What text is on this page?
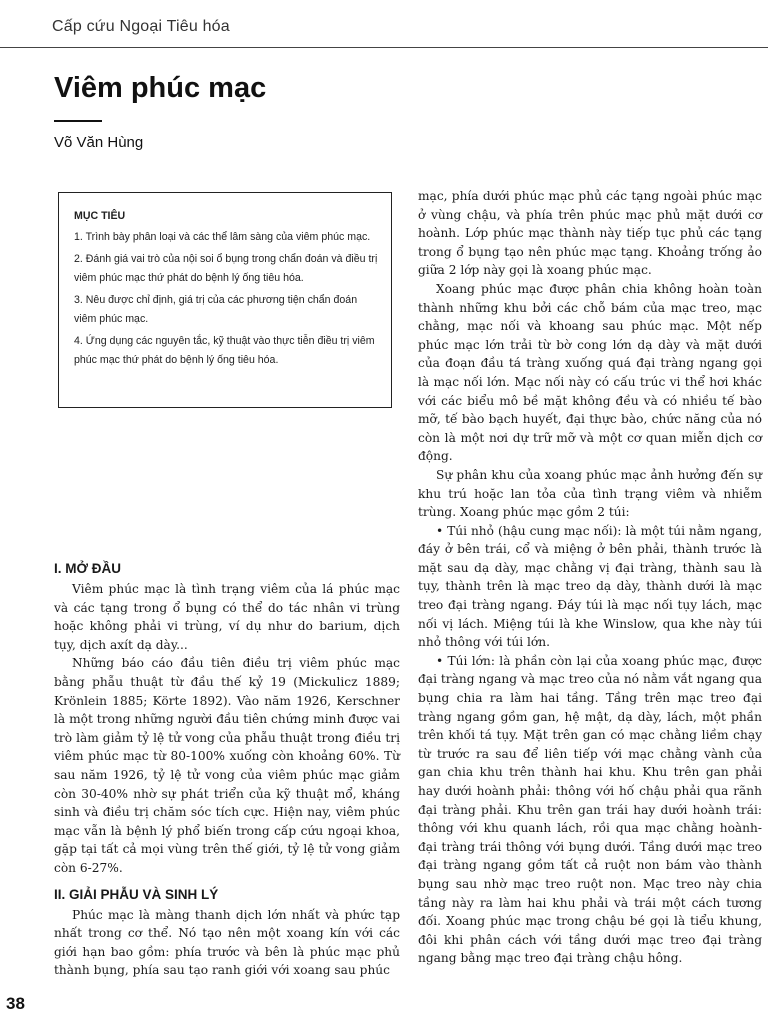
Cấp cứu Ngoại Tiêu hóa
Viêm phúc mạc
Võ Văn Hùng
MỤC TIÊU
1. Trình bày phân loại và các thể lâm sàng của viêm phúc mạc.
2. Đánh giá vai trò của nội soi ổ bụng trong chẩn đoán và điều trị viêm phúc mạc thứ phát do bệnh lý ống tiêu hóa.
3. Nêu được chỉ định, giá trị của các phương tiện chẩn đoán viêm phúc mạc.
4. Ứng dụng các nguyên tắc, kỹ thuật vào thực tiễn điều trị viêm phúc mạc thứ phát do bệnh lý ống tiêu hóa.
I. MỞ ĐẦU

Viêm phúc mạc là tình trạng viêm của lá phúc mạc và các tạng trong ổ bụng có thể do tác nhân vi trùng hoặc không phải vi trùng, ví dụ như do barium, dịch tụy, dịch axít dạ dày...

Những báo cáo đầu tiên điều trị viêm phúc mạc bằng phẫu thuật từ đầu thế kỷ 19 (Mickulicz 1889; Krönlein 1885; Körte 1892). Vào năm 1926, Kerschner là một trong những người đầu tiên chứng minh được vai trò làm giảm tỷ lệ tử vong của phẫu thuật trong điều trị viêm phúc mạc từ 80-100% xuống còn khoảng 60%. Từ sau năm 1926, tỷ lệ tử vong của viêm phúc mạc giảm còn 30-40% nhờ sự phát triển của kỹ thuật mổ, kháng sinh và điều trị chăm sóc tích cực. Hiện nay, viêm phúc mạc vẫn là bệnh lý phổ biến trong cấp cứu ngoại khoa, gặp tại tất cả mọi vùng trên thế giới, tỷ lệ tử vong giảm còn 6-27%.

II. GIẢI PHẪU VÀ SINH LÝ

Phúc mạc là màng thanh dịch lớn nhất và phức tạp nhất trong cơ thể. Nó tạo nên một xoang kín với các giới hạn bao gồm: phía trước và bên là phúc mạc phủ thành bụng, phía sau tạo ranh giới với xoang sau phúc

mạc, phía dưới phúc mạc phủ các tạng ngoài phúc mạc ở vùng chậu, và phía trên phúc mạc phủ mặt dưới cơ hoành. Lớp phúc mạc thành này tiếp tục phủ các tạng trong ổ bụng tạo nên phúc mạc tạng. Khoảng trống ảo giữa 2 lớp này gọi là xoang phúc mạc.

Xoang phúc mạc được phân chia không hoàn toàn thành những khu bởi các chỗ bám của mạc treo, mạc chằng, mạc nối và khoang sau phúc mạc. Một nếp phúc mạc lớn trải từ bờ cong lớn dạ dày và mặt dưới của đoạn đầu tá tràng xuống quá đại tràng ngang gọi là mạc nối lớn. Mạc nối này có cấu trúc vi thể hơi khác với các biểu mô bề mặt không đều và có nhiều tế bào mỡ, tế bào bạch huyết, đại thực bào, chức năng của nó còn là một nơi dự trữ mỡ và một cơ quan miễn dịch cơ động.

Sự phân khu của xoang phúc mạc ảnh hưởng đến sự khu trú hoặc lan tỏa của tình trạng viêm và nhiễm trùng. Xoang phúc mạc gồm 2 túi:

• Túi nhỏ (hậu cung mạc nối): là một túi nằm ngang, đáy ở bên trái, cổ và miệng ở bên phải, thành trước là mặt sau dạ dày, mạc chằng vị đại tràng, thành sau là tụy, thành trên là mạc treo dạ dày, thành dưới là mạc treo đại tràng ngang. Đáy túi là mạc nối tụy lách, mạc nối vị lách. Miệng túi là khe Winslow, qua khe này túi nhỏ thông với túi lớn.

• Túi lớn: là phần còn lại của xoang phúc mạc, được đại tràng ngang và mạc treo của nó nằm vắt ngang qua bụng chia ra làm hai tầng. Tầng trên mạc treo đại tràng ngang gồm gan, hệ mật, dạ dày, lách, một phần trên khối tá tụy. Mặt trên gan có mạc chằng liềm chạy từ trước ra sau để liên tiếp với mạc chằng vành của gan chia khu trên thành hai khu. Khu trên gan phải hay dưới hoành phải: thông với hố chậu phải qua rãnh đại tràng phải. Khu trên gan trái hay dưới hoành trái: thông với khu quanh lách, rồi qua mạc chằng hoành-đại tràng trái thông với bụng dưới. Tầng dưới mạc treo đại tràng ngang gồm tất cả ruột non bám vào thành bụng sau nhờ mạc treo ruột non. Mạc treo này chia tầng này ra làm hai khu phải và trái một cách tương đối. Xoang phúc mạc trong chậu bé gọi là tiểu khung, đôi khi phân cách với tầng dưới mạc treo đại tràng ngang bằng mạc treo đại tràng chậu hông.

38
